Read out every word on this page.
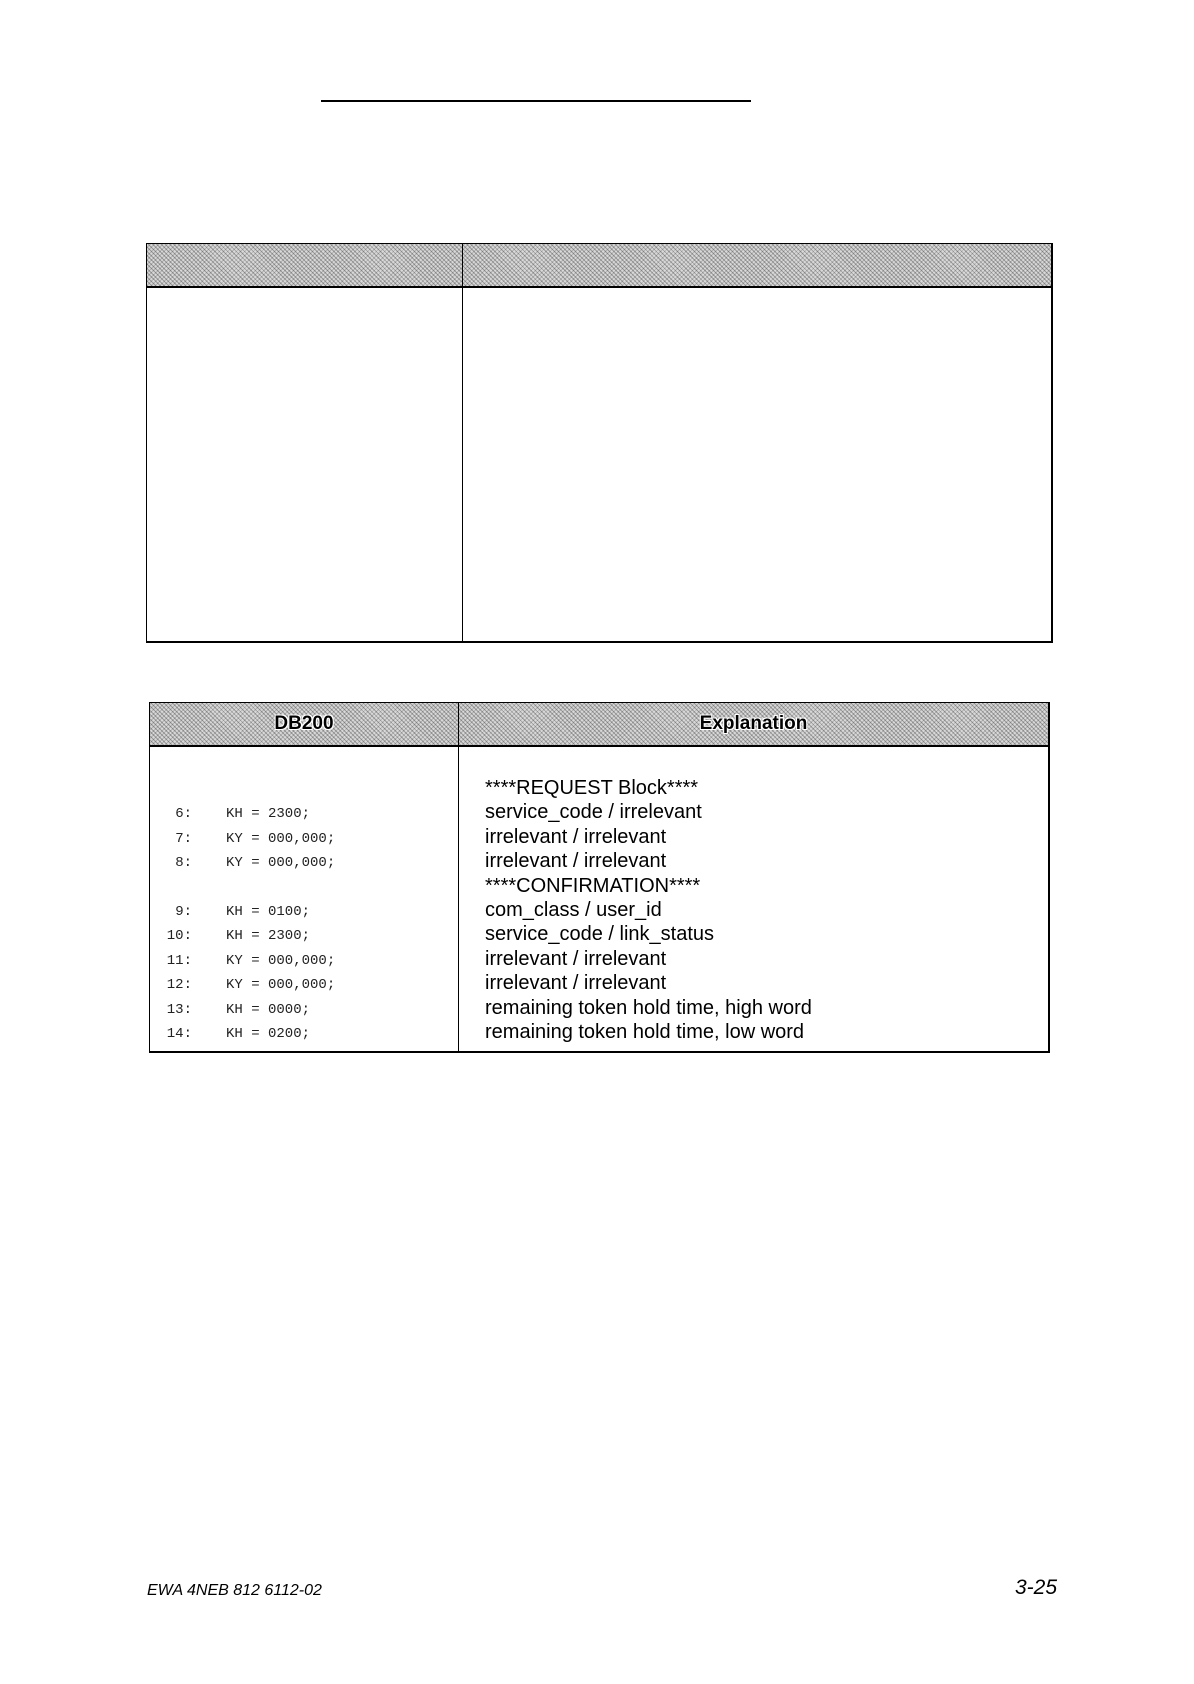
DB200	Explanation
6: KH = 2300;
7: KY = 000,000;
8: KY = 000,000;
9: KH = 0100;
10: KH = 2300;
11: KY = 000,000;
12: KY = 000,000;
13: KH = 0000;
14: KH = 0200;
****REQUEST Block****
service_code / irrelevant
irrelevant / irrelevant
irrelevant / irrelevant
****CONFIRMATION****
com_class / user_id
service_code / link_status
irrelevant / irrelevant
irrelevant / irrelevant
remaining token hold time, high word
remaining token hold time, low word
EWA 4NEB 812 6112-02	3-25
